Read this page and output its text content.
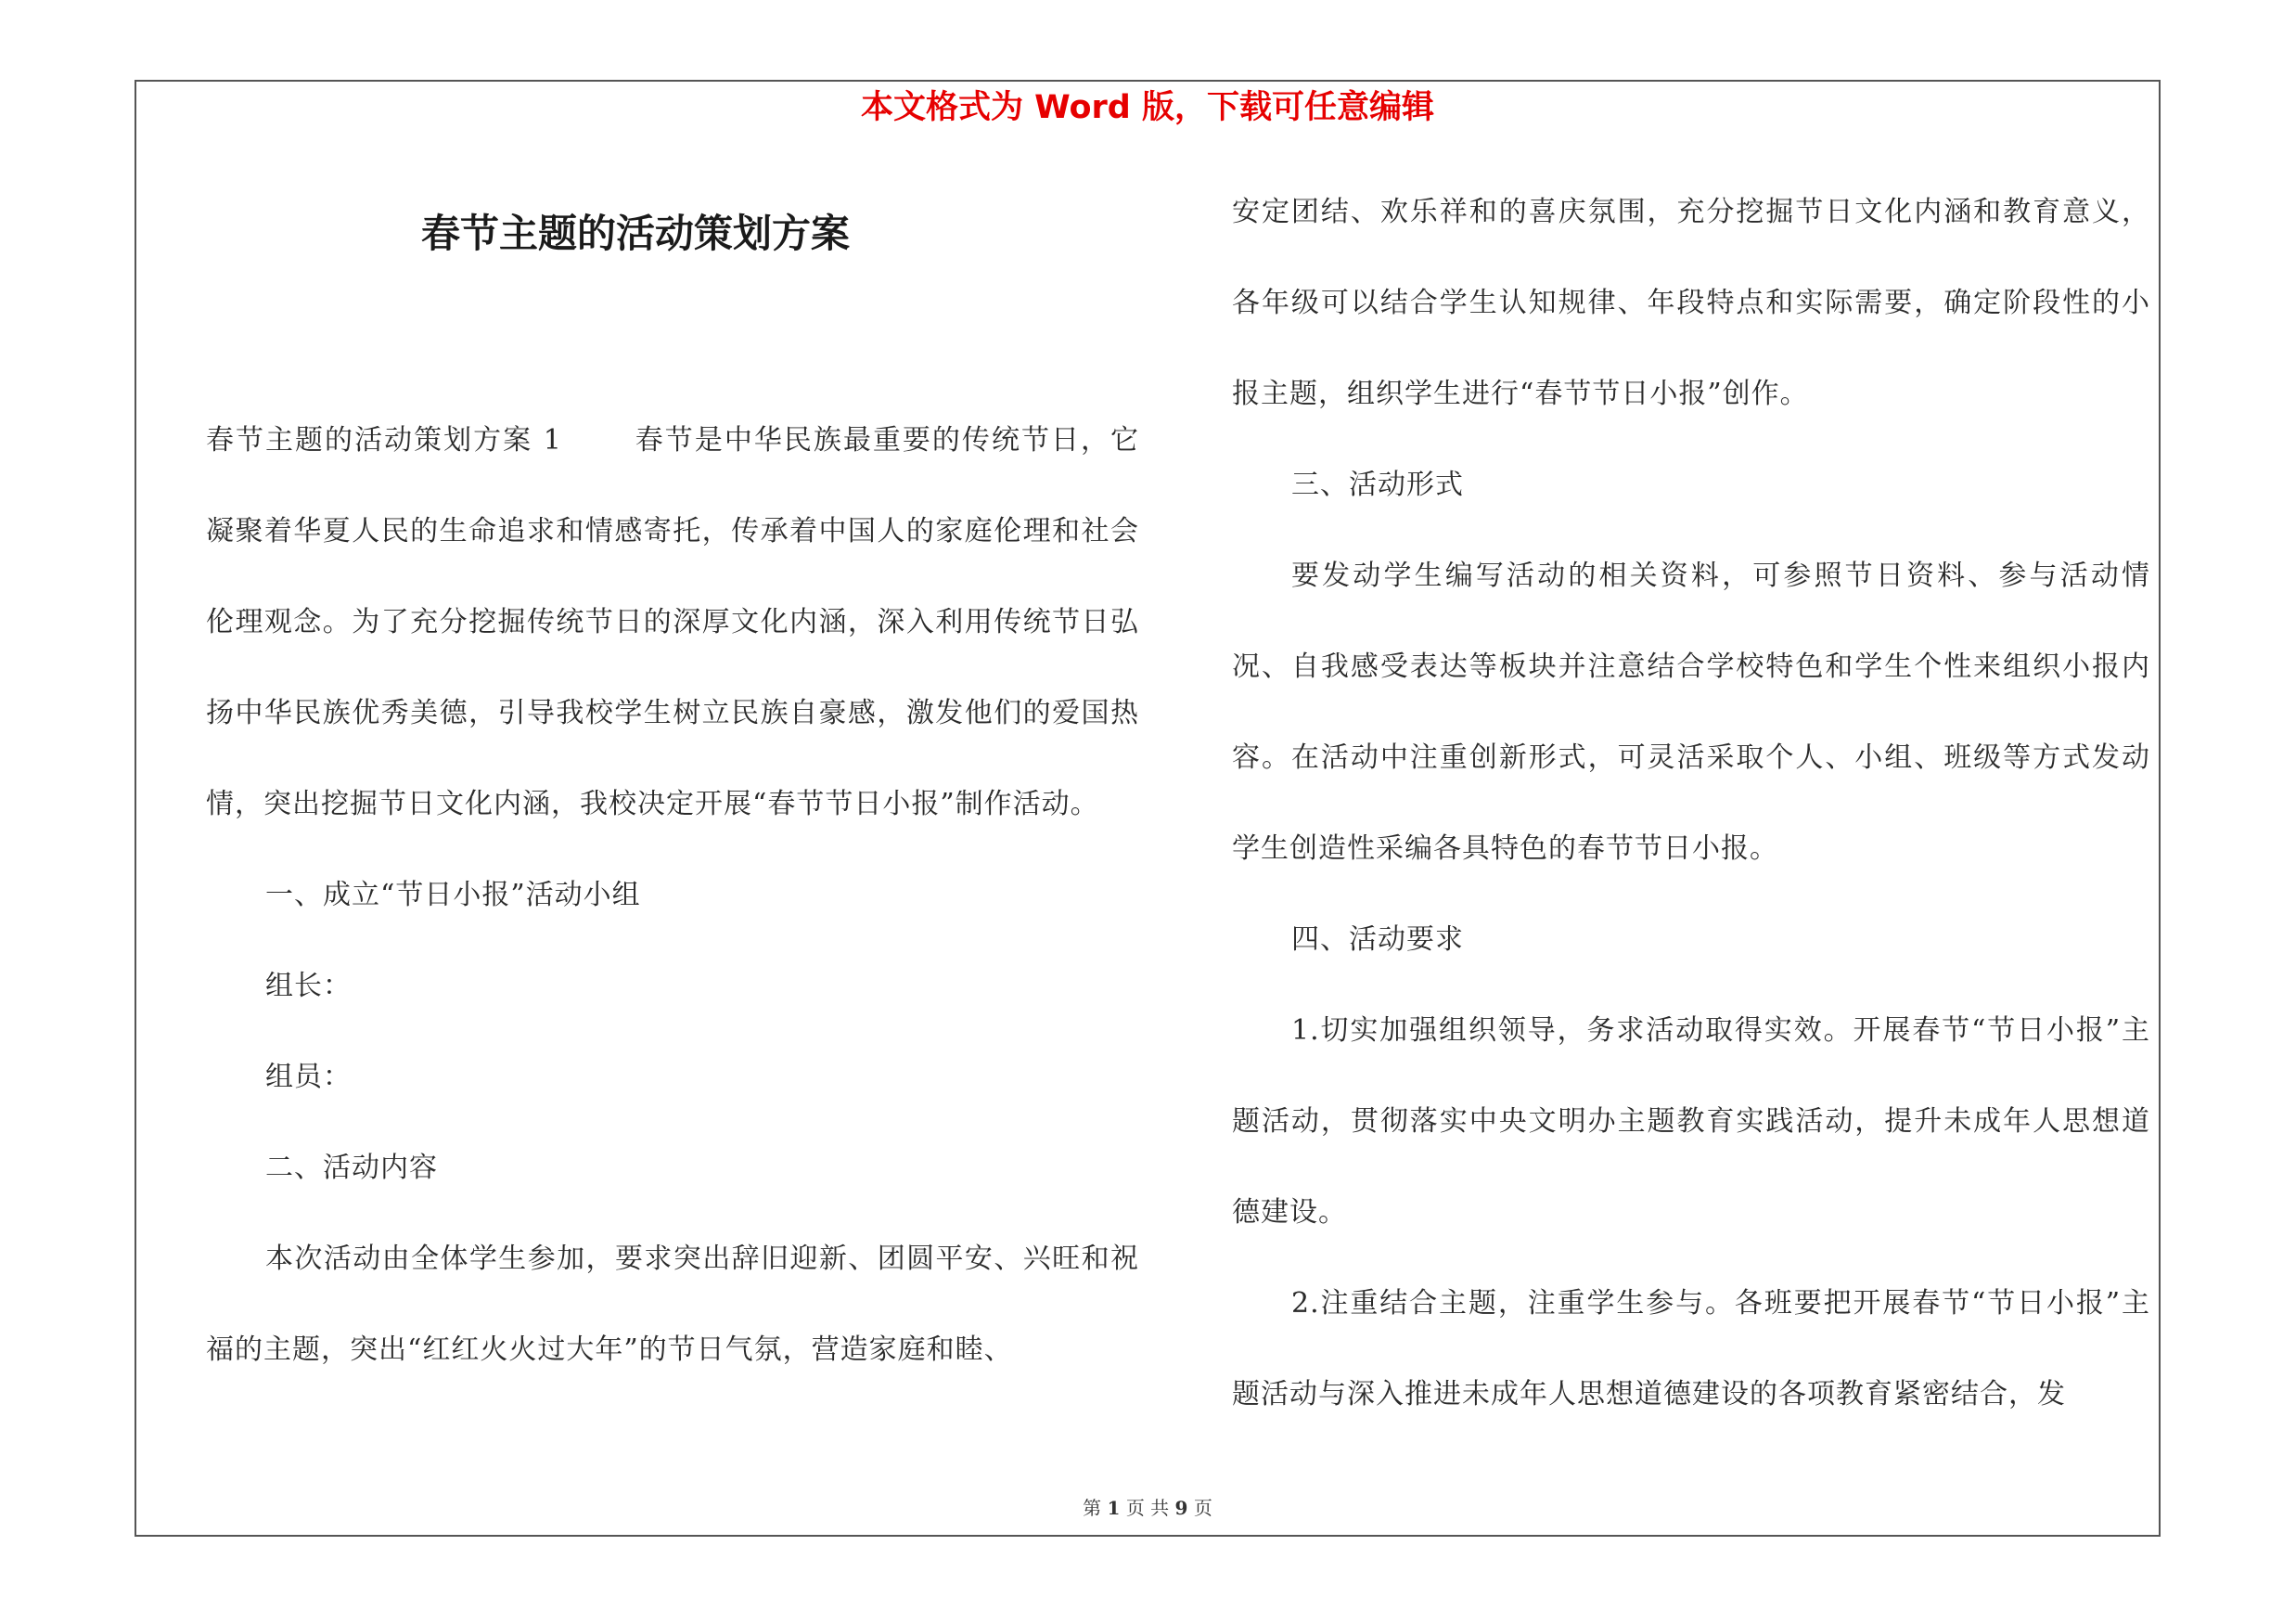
本文格式为 Word 版，下载可任意编辑
春节主题的活动策划方案

春节主题的活动策划方案 1	春节是中华民族最重要的传统节日，它凝聚着华夏人民的生命追求和情感寄托，传承着中国人的家庭伦理和社会伦理观念。为了充分挖掘传统节日的深厚文化内涵，深入利用传统节日弘扬中华民族优秀美德，引导我校学生树立民族自豪感，激发他们的爱国热情，突出挖掘节日文化内涵，我校决定开展“春节节日小报”制作活动。

一、成立“节日小报”活动小组

组长：

组员：

二、活动内容

本次活动由全体学生参加，要求突出辞旧迎新、团圆平安、兴旺和祝福的主题，突出“红红火火过大年”的节日气氛，营造家庭和睦、

安定团结、欢乐祥和的喜庆氛围，充分挖掘节日文化内涵和教育意义，各年级可以结合学生认知规律、年段特点和实际需要，确定阶段性的小报主题，组织学生进行“春节节日小报”创作。

三、活动形式

要发动学生编写活动的相关资料，可参照节日资料、参与活动情况、自我感受表达等板块并注意结合学校特色和学生个性来组织小报内容。在活动中注重创新形式，可灵活采取个人、小组、班级等方式发动学生创造性采编各具特色的春节节日小报。

四、活动要求

1.切实加强组织领导，务求活动取得实效。开展春节“节日小报”主题活动，贯彻落实中央文明办主题教育实践活动，提升未成年人思想道德建设。

2.注重结合主题，注重学生参与。各班要把开展春节“节日小报”主题活动与深入推进未成年人思想道德建设的各项教育紧密结合，发

第 1 页 共 9 页
